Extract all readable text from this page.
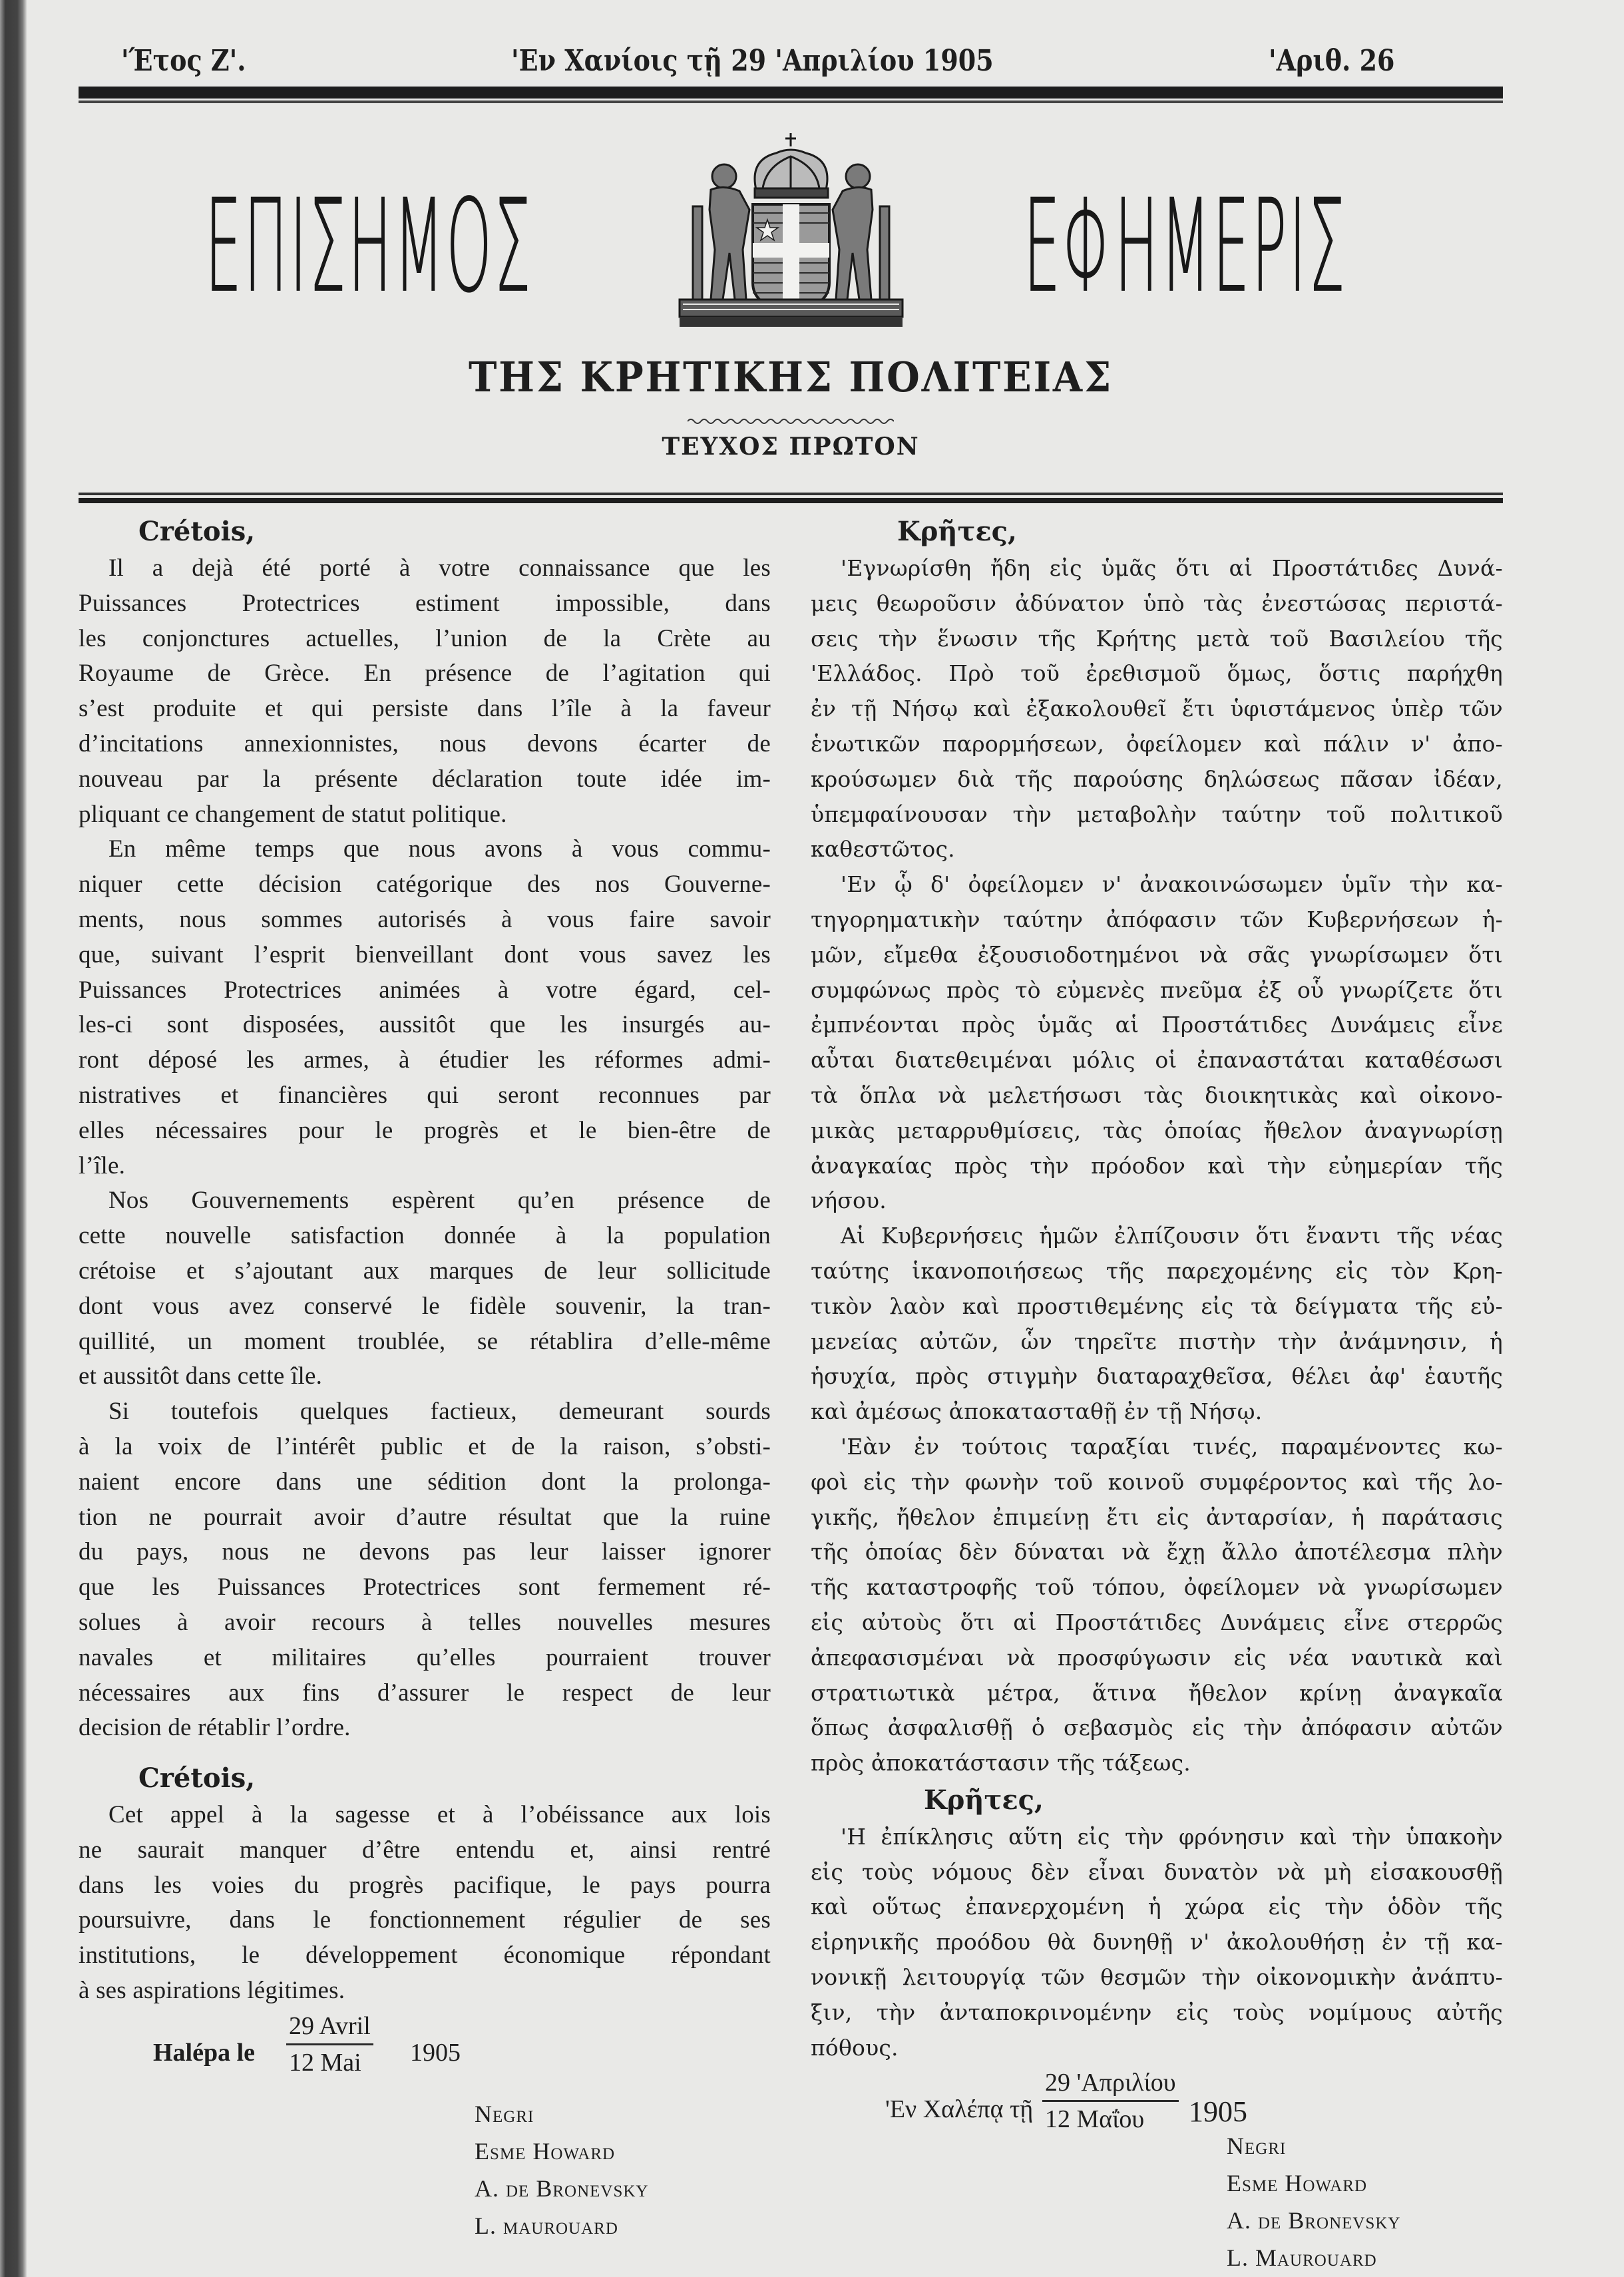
'Έτος Ζ'.	'Εν Χανίοις τῇ 29 'Απριλίου 1905	'Αριθ. 26
ΕΠΙΣΗΜΟΣ	ΕΦΗΜΕΡΙΣ
ΤΗΣ ΚΡΗΤΙΚΗΣ ΠΟΛΙΤΕΙΑΣ
ΤΕΥΧΟΣ ΠΡΩΤΟΝ
Crétois,
Il a dejà été porté à votre connaissance que les
Puissances Protectrices estiment impossible, dans
les conjonctures actuelles, l’union de la Crète au
Royaume de Grèce. En présence de l’agitation qui
s’est produite et qui persiste dans l’île à la faveur
d’incitations annexionnistes, nous devons écarter de
nouveau par la présente déclaration toute idée im-
pliquant ce changement de statut politique.
En même temps que nous avons à vous commu-
niquer cette décision catégorique des nos Gouverne-
ments, nous sommes autorisés à vous faire savoir
que, suivant l’esprit bienveillant dont vous savez les
Puissances Protectrices animées à votre égard, cel-
les-ci sont disposées, aussitôt que les insurgés au-
ront déposé les armes, à étudier les réformes admi-
nistratives et financières qui seront reconnues par
elles nécessaires pour le progrès et le bien-être de
l’île.
Nos Gouvernements espèrent qu’en présence de
cette nouvelle satisfaction donnée à la population
crétoise et s’ajoutant aux marques de leur sollicitude
dont vous avez conservé le fidèle souvenir, la tran-
quillité, un moment troublée, se rétablira d’elle-même
et aussitôt dans cette île.
Si toutefois quelques factieux, demeurant sourds
à la voix de l’intérêt public et de la raison, s’obsti-
naient encore dans une sédition dont la prolonga-
tion ne pourrait avoir d’autre résultat que la ruine
du pays, nous ne devons pas leur laisser ignorer
que les Puissances Protectrices sont fermement ré-
solues à avoir recours à telles nouvelles mesures
navales et militaires qu’elles pourraient trouver
nécessaires aux fins d’assurer le respect de leur
decision de rétablir l’ordre.
Crétois,
Cet appel à la sagesse et à l’obéissance aux lois
ne saurait manquer d’être entendu et, ainsi rentré
dans les voies du progrès pacifique, le pays pourra
poursuivre, dans le fonctionnement régulier de ses
institutions, le développement économique répondant
à ses aspirations légitimes.
Halépa le
29 Avril
12 Mai	1905
Negri
Esme Howard
A. de Bronevsky
L. maurouard
Κρῆτες,
'Εγνωρίσθη ἤδη εἰς ὑμᾶς ὅτι αἱ Προστάτιδες Δυνά-
μεις θεωροῦσιν ἀδύνατον ὑπὸ τὰς ἐνεστώσας περιστά-
σεις τὴν ἕνωσιν τῆς Κρήτης μετὰ τοῦ Βασιλείου τῆς
'Ελλάδος. Πρὸ τοῦ ἐρεθισμοῦ ὅμως, ὅστις παρήχθη
ἐν τῇ Νήσῳ καὶ ἐξακολουθεῖ ἔτι ὑφιστάμενος ὑπὲρ τῶν
ἑνωτικῶν παρορμήσεων, ὀφείλομεν καὶ πάλιν ν' ἀπο-
κρούσωμεν διὰ τῆς παρούσης δηλώσεως πᾶσαν ἰδέαν,
ὑπεμφαίνουσαν τὴν μεταβολὴν ταύτην τοῦ πολιτικοῦ
καθεστῶτος.
'Εν ᾧ δ' ὀφείλομεν ν' ἀνακοινώσωμεν ὑμῖν τὴν κα-
τηγορηματικὴν ταύτην ἀπόφασιν τῶν Κυβερνήσεων ἡ-
μῶν, εἴμεθα ἐξουσιοδοτημένοι νὰ σᾶς γνωρίσωμεν ὅτι
συμφώνως πρὸς τὸ εὐμενὲς πνεῦμα ἐξ οὗ γνωρίζετε ὅτι
ἐμπνέονται πρὸς ὑμᾶς αἱ Προστάτιδες Δυνάμεις εἶνε
αὗται διατεθειμέναι μόλις οἱ ἐπαναστάται καταθέσωσι
τὰ ὅπλα νὰ μελετήσωσι τὰς διοικητικὰς καὶ οἰκονο-
μικὰς μεταρρυθμίσεις, τὰς ὁποίας ἤθελον ἀναγνωρίσῃ
ἀναγκαίας πρὸς τὴν πρόοδον καὶ τὴν εὐημερίαν τῆς
νήσου.
Αἱ Κυβερνήσεις ἡμῶν ἐλπίζουσιν ὅτι ἔναντι τῆς νέας
ταύτης ἱκανοποιήσεως τῆς παρεχομένης εἰς τὸν Κρη-
τικὸν λαὸν καὶ προστιθεμένης εἰς τὰ δείγματα τῆς εὐ-
μενείας αὐτῶν, ὧν τηρεῖτε πιστὴν τὴν ἀνάμνησιν, ἡ
ἡσυχία, πρὸς στιγμὴν διαταραχθεῖσα, θέλει ἀφ' ἑαυτῆς
καὶ ἀμέσως ἀποκατασταθῇ ἐν τῇ Νήσῳ.
'Εὰν ἐν τούτοις ταραξίαι τινές, παραμένοντες κω-
φοὶ εἰς τὴν φωνὴν τοῦ κοινοῦ συμφέροντος καὶ τῆς λο-
γικῆς, ἤθελον ἐπιμείνῃ ἔτι εἰς ἀνταρσίαν, ἡ παράτασις
τῆς ὁποίας δὲν δύναται νὰ ἔχῃ ἄλλο ἀποτέλεσμα πλὴν
τῆς καταστροφῆς τοῦ τόπου, ὀφείλομεν νὰ γνωρίσωμεν
εἰς αὐτοὺς ὅτι αἱ Προστάτιδες Δυνάμεις εἶνε στερρῶς
ἀπεφασισμέναι νὰ προσφύγωσιν εἰς νέα ναυτικὰ καὶ
στρατιωτικὰ μέτρα, ἅτινα ἤθελον κρίνῃ ἀναγκαῖα
ὅπως ἀσφαλισθῇ ὁ σεβασμὸς εἰς τὴν ἀπόφασιν αὐτῶν
πρὸς ἀποκατάστασιν τῆς τάξεως.
Κρῆτες,
'Η ἐπίκλησις αὕτη εἰς τὴν φρόνησιν καὶ τὴν ὑπακοὴν
εἰς τοὺς νόμους δὲν εἶναι δυνατὸν νὰ μὴ εἰσακουσθῇ
καὶ οὕτως ἐπανερχομένη ἡ χώρα εἰς τὴν ὁδὸν τῆς
εἰρηνικῆς προόδου θὰ δυνηθῇ ν' ἀκολουθήσῃ ἐν τῇ κα-
νονικῇ λειτουργίᾳ τῶν θεσμῶν τὴν οἰκονομικὴν ἀνάπτυ-
ξιν, τὴν ἀνταποκρινομένην εἰς τοὺς νομίμους αὐτῆς
πόθους.
'Εν Χαλέπᾳ τῇ
29 'Απριλίου
12 Μαΐου	1905
Negri
Esme Howard
A. de Bronevsky
L. Maurouard
